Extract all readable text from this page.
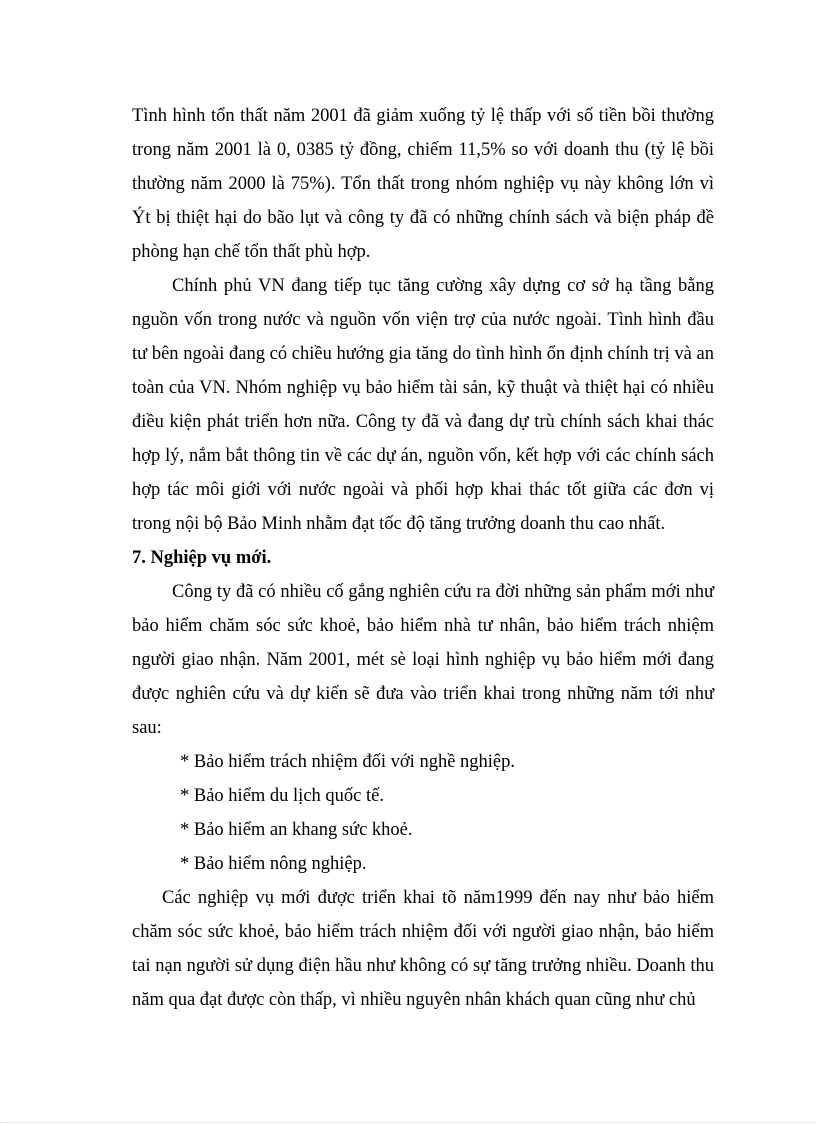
Tình hình tổn thất năm 2001 đã giảm xuống tỷ lệ thấp với số tiền bồi thường trong năm 2001 là 0, 0385 tỷ đồng, chiếm 11,5% so với doanh thu (tỷ lệ bồi thường năm 2000 là 75%). Tổn thất trong nhóm nghiệp vụ này không lớn vì Ýt bị thiệt hại do bão lụt và công ty đã có những chính sách và biện pháp đề phòng hạn chế tổn thất phù hợp.

Chính phủ VN đang tiếp tục tăng cường xây dựng cơ sở hạ tầng bằng nguồn vốn trong nước và nguồn vốn viện trợ của nước ngoài. Tình hình đầu tư bên ngoài đang có chiều hướng gia tăng do tình hình ổn định chính trị và an toàn của VN. Nhóm nghiệp vụ bảo hiểm tài sản, kỹ thuật và thiệt hại có nhiều điều kiện phát triển hơn nữa. Công ty đã và đang dự trù chính sách khai thác hợp lý, nắm bắt thông tin về các dự án, nguồn vốn, kết hợp với các chính sách hợp tác môi giới với nước ngoài và phối hợp khai thác tốt giữa các đơn vị trong nội bộ Bảo Minh nhằm đạt tốc độ tăng trưởng doanh thu cao nhất.

7. Nghiệp vụ mới.

Công ty đã có nhiều cố gắng nghiên cứu ra đời những sản phẩm mới như bảo hiểm chăm sóc sức khoẻ, bảo hiểm nhà tư nhân, bảo hiểm trách nhiệm người giao nhận. Năm 2001, mét sè loại hình nghiệp vụ bảo hiểm mới đang được nghiên cứu và dự kiến sẽ đưa vào triển khai trong những năm tới như sau:

* Bảo hiểm trách nhiệm đối với nghề nghiệp.
* Bảo hiểm du lịch quốc tế.
* Bảo hiểm an khang sức khoẻ.
* Bảo hiểm nông nghiệp.

Các nghiệp vụ mới được triển khai tõ năm1999 đến nay như bảo hiểm chăm sóc sức khoẻ, bảo hiểm trách nhiệm đối với người giao nhận, bảo hiểm tai nạn người sử dụng điện hầu như không có sự tăng trưởng nhiều. Doanh thu năm qua đạt được còn thấp, vì nhiều nguyên nhân khách quan cũng như chủ
